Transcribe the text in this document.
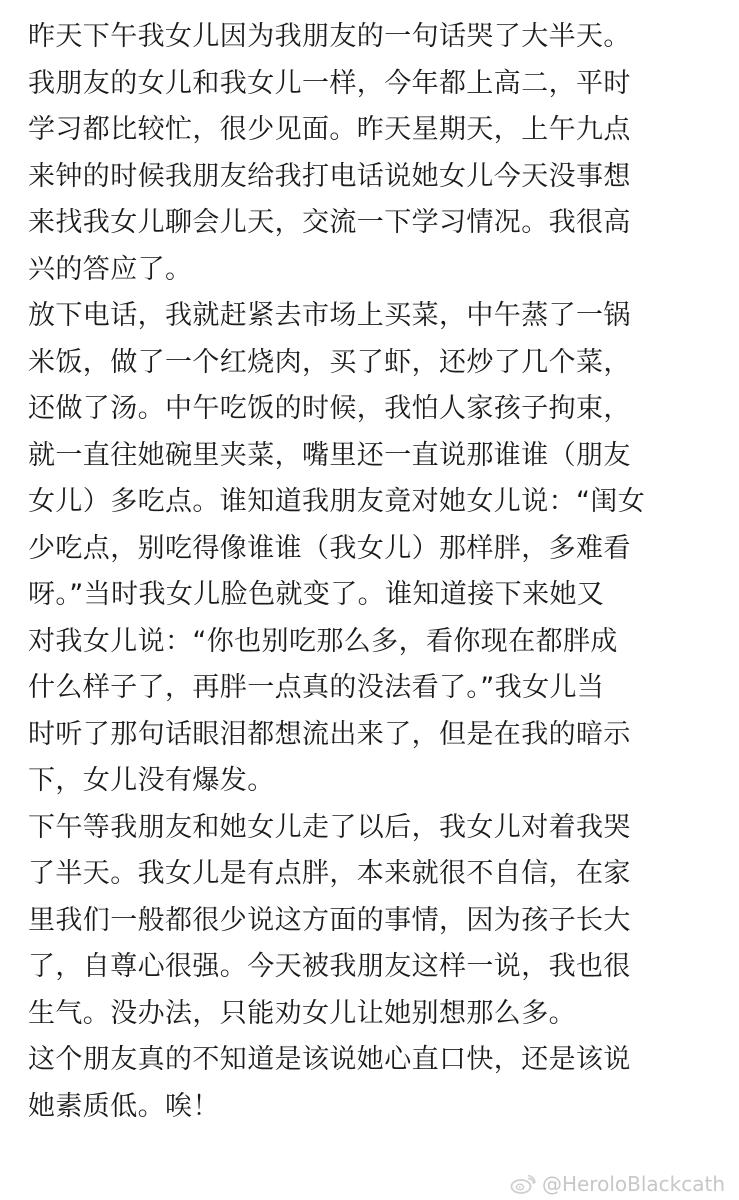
昨天下午我女儿因为我朋友的一句话哭了大半天。
我朋友的女儿和我女儿一样，今年都上高二，平时
学习都比较忙，很少见面。昨天星期天，上午九点
来钟的时候我朋友给我打电话说她女儿今天没事想
来找我女儿聊会儿天，交流一下学习情况。我很高
兴的答应了。
放下电话，我就赶紧去市场上买菜，中午蒸了一锅
米饭，做了一个红烧肉，买了虾，还炒了几个菜，
还做了汤。中午吃饭的时候，我怕人家孩子拘束，
就一直往她碗里夹菜，嘴里还一直说那谁谁（朋友
女儿）多吃点。谁知道我朋友竟对她女儿说：“闺女
少吃点，别吃得像谁谁（我女儿）那样胖，多难看
呀。”当时我女儿脸色就变了。谁知道接下来她又
对我女儿说：“你也别吃那么多，看你现在都胖成
什么样子了，再胖一点真的没法看了。”我女儿当
时听了那句话眼泪都想流出来了，但是在我的暗示
下，女儿没有爆发。
下午等我朋友和她女儿走了以后，我女儿对着我哭
了半天。我女儿是有点胖，本来就很不自信，在家
里我们一般都很少说这方面的事情，因为孩子长大
了，自尊心很强。今天被我朋友这样一说，我也很
生气。没办法，只能劝女儿让她别想那么多。
这个朋友真的不知道是该说她心直口快，还是该说
她素质低。唉！
@HeroloBlackcath
